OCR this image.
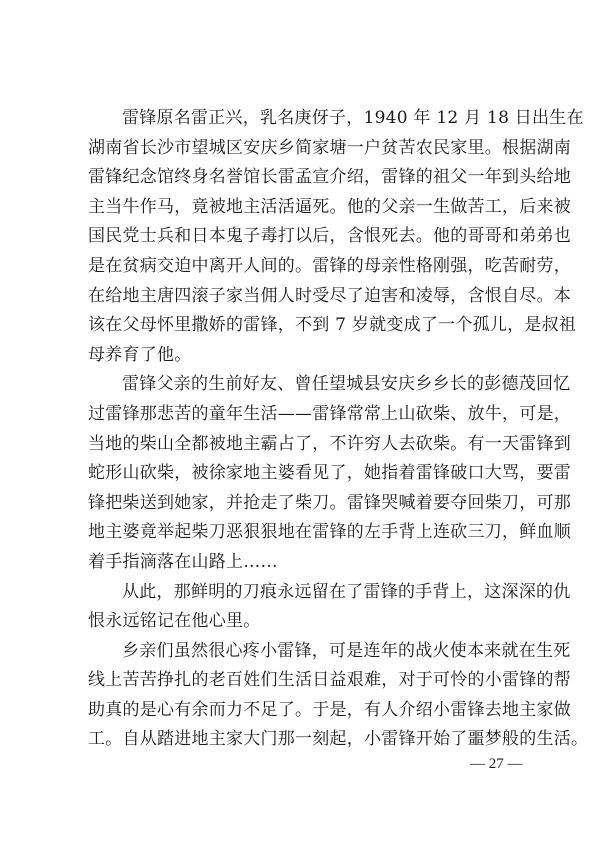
雷锋原名雷正兴，乳名庚伢子，1940 年 12 月 18 日出生在
湖南省长沙市望城区安庆乡简家塘一户贫苦农民家里。根据湖南
雷锋纪念馆终身名誉馆长雷孟宣介绍，雷锋的祖父一年到头给地
主当牛作马，竟被地主活活逼死。他的父亲一生做苦工，后来被
国民党士兵和日本鬼子毒打以后，含恨死去。他的哥哥和弟弟也
是在贫病交迫中离开人间的。雷锋的母亲性格刚强，吃苦耐劳，
在给地主唐四滚子家当佣人时受尽了迫害和凌辱，含恨自尽。本
该在父母怀里撒娇的雷锋，不到 7 岁就变成了一个孤儿，是叔祖
母养育了他。
雷锋父亲的生前好友、曾任望城县安庆乡乡长的彭德茂回忆
过雷锋那悲苦的童年生活——雷锋常常上山砍柴、放牛，可是，
当地的柴山全都被地主霸占了，不许穷人去砍柴。有一天雷锋到
蛇形山砍柴，被徐家地主婆看见了，她指着雷锋破口大骂，要雷
锋把柴送到她家，并抢走了柴刀。雷锋哭喊着要夺回柴刀，可那
地主婆竟举起柴刀恶狠狠地在雷锋的左手背上连砍三刀，鲜血顺
着手指滴落在山路上……
从此，那鲜明的刀痕永远留在了雷锋的手背上，这深深的仇
恨永远铭记在他心里。
乡亲们虽然很心疼小雷锋，可是连年的战火使本来就在生死
线上苦苦挣扎的老百姓们生活日益艰难，对于可怜的小雷锋的帮
助真的是心有余而力不足了。于是，有人介绍小雷锋去地主家做
工。自从踏进地主家大门那一刻起，小雷锋开始了噩梦般的生活。
— 27 —
